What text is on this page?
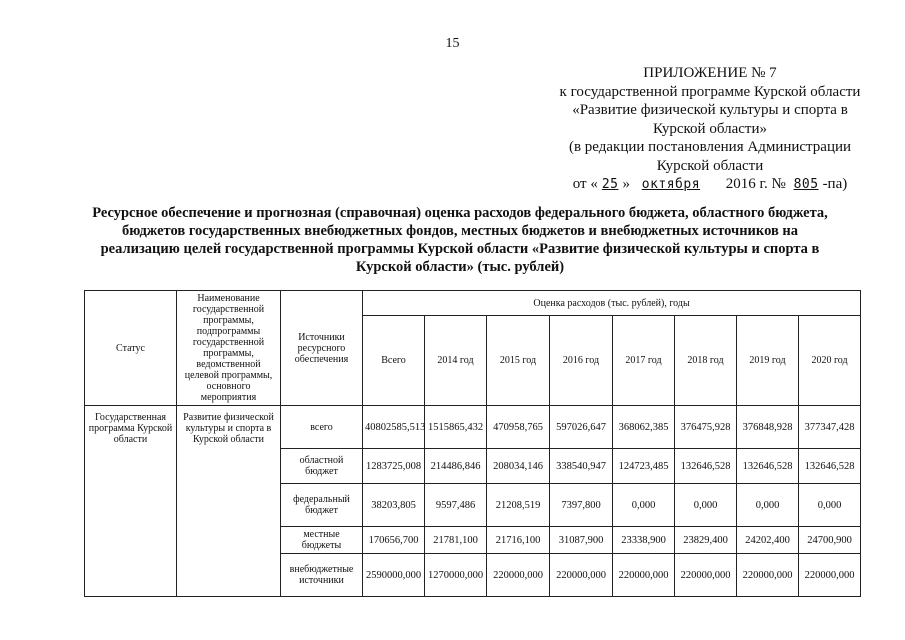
15
ПРИЛОЖЕНИЕ № 7
к государственной программе Курской области
«Развитие физической культуры и спорта в
Курской области»
(в редакции постановления Администрации
Курской области
от « 25 » октября 2016 г. № 805 -па)
Ресурсное обеспечение и прогнозная (справочная) оценка расходов федерального бюджета, областного бюджета, бюджетов государственных внебюджетных фондов, местных бюджетов и внебюджетных источников на реализацию целей государственной программы Курской области «Развитие физической культуры и спорта в Курской области» (тыс. рублей)
Статус	Наименование государственной программы, подпрограммы государственной программы, ведомственной целевой программы, основного мероприятия	Источники ресурсного обеспечения	Оценка расходов (тыс. рублей), годы							
			Всего	2014 год	2015 год	2016 год	2017 год	2018 год	2019 год	2020 год
Государственная программа Курской области	Развитие физической культуры и спорта в Курской области	всего	40802585,513	1515865,432	470958,765	597026,647	368062,385	376475,928	376848,928	377347,428
		областной бюджет	1283725,008	214486,846	208034,146	338540,947	124723,485	132646,528	132646,528	132646,528
		федеральный бюджет	38203,805	9597,486	21208,519	7397,800	0,000	0,000	0,000	0,000
		местные бюджеты	170656,700	21781,100	21716,100	31087,900	23338,900	23829,400	24202,400	24700,900
		внебюджетные источники	2590000,000	1270000,000	220000,000	220000,000	220000,000	220000,000	220000,000	220000,000
